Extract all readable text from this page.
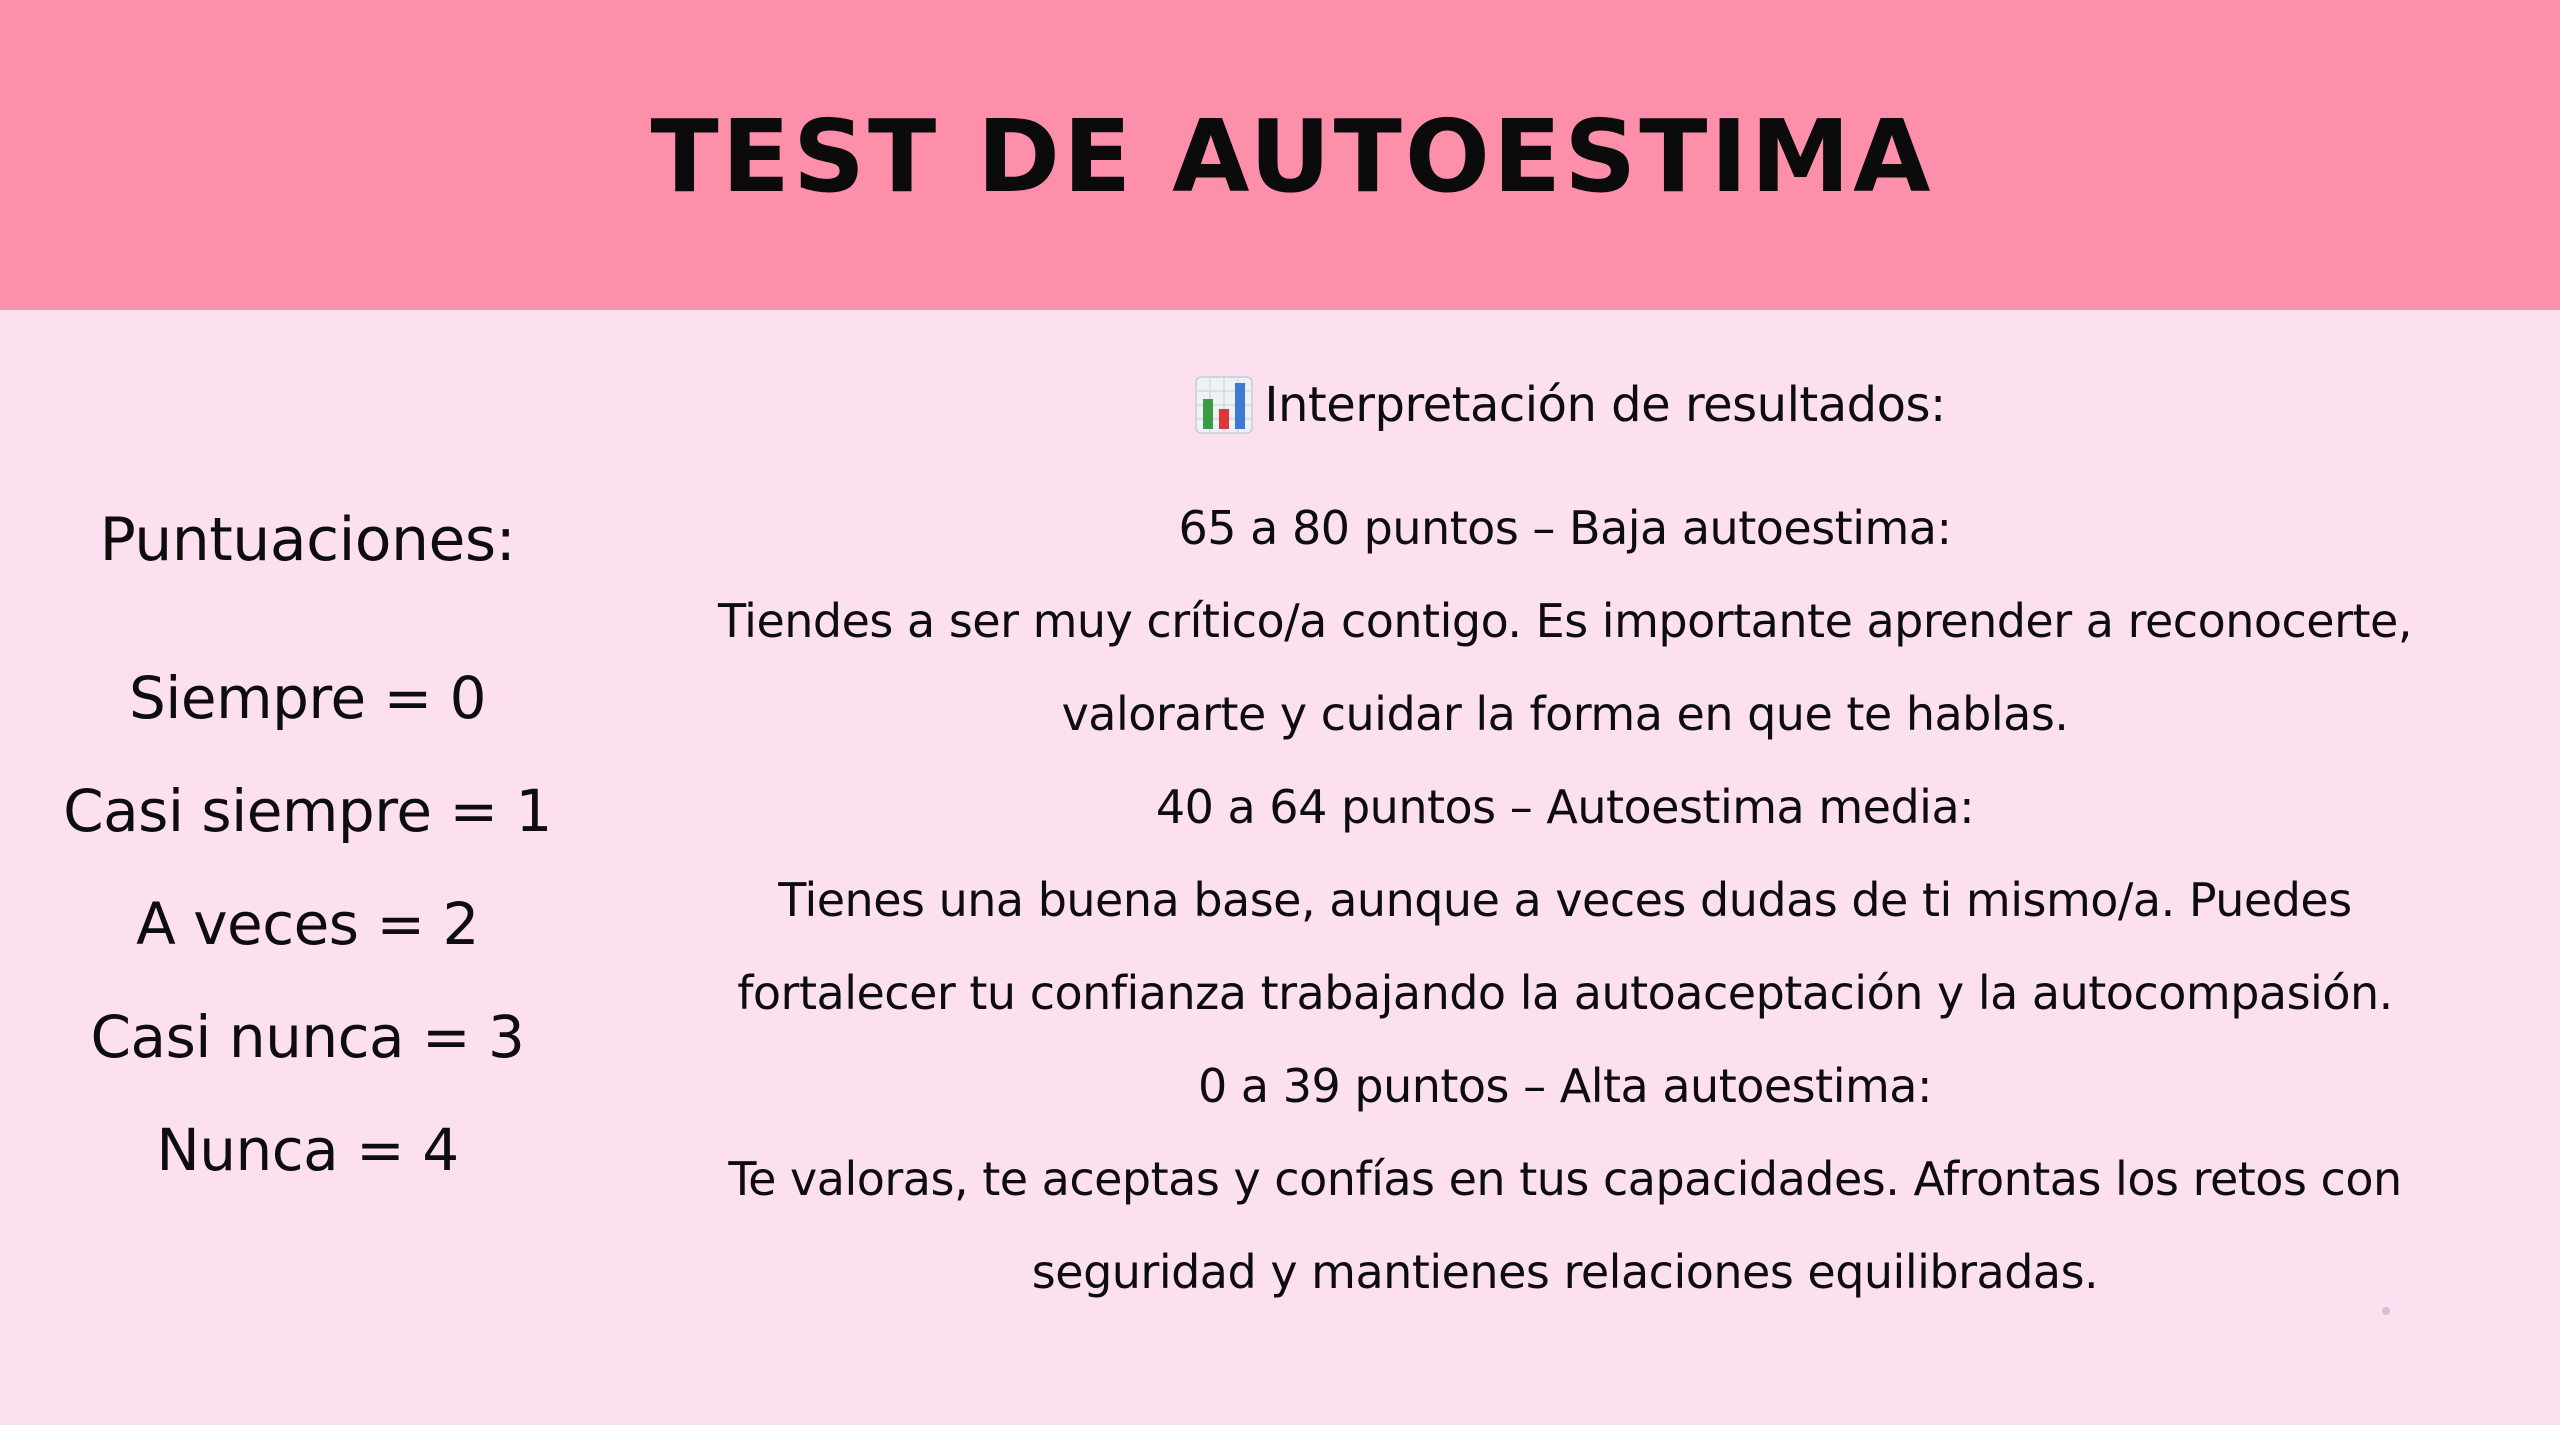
TEST DE AUTOESTIMA
Puntuaciones:
Siempre = 0
Casi siempre = 1
A veces = 2
Casi nunca = 3
Nunca = 4
Interpretación de resultados:
65 a 80 puntos – Baja autoestima:
Tiendes a ser muy crítico/a contigo. Es importante aprender a reconocerte,
valorarte y cuidar la forma en que te hablas.
40 a 64 puntos – Autoestima media:
Tienes una buena base, aunque a veces dudas de ti mismo/a. Puedes
fortalecer tu confianza trabajando la autoaceptación y la autocompasión.
0 a 39 puntos – Alta autoestima:
Te valoras, te aceptas y confías en tus capacidades. Afrontas los retos con
seguridad y mantienes relaciones equilibradas.
